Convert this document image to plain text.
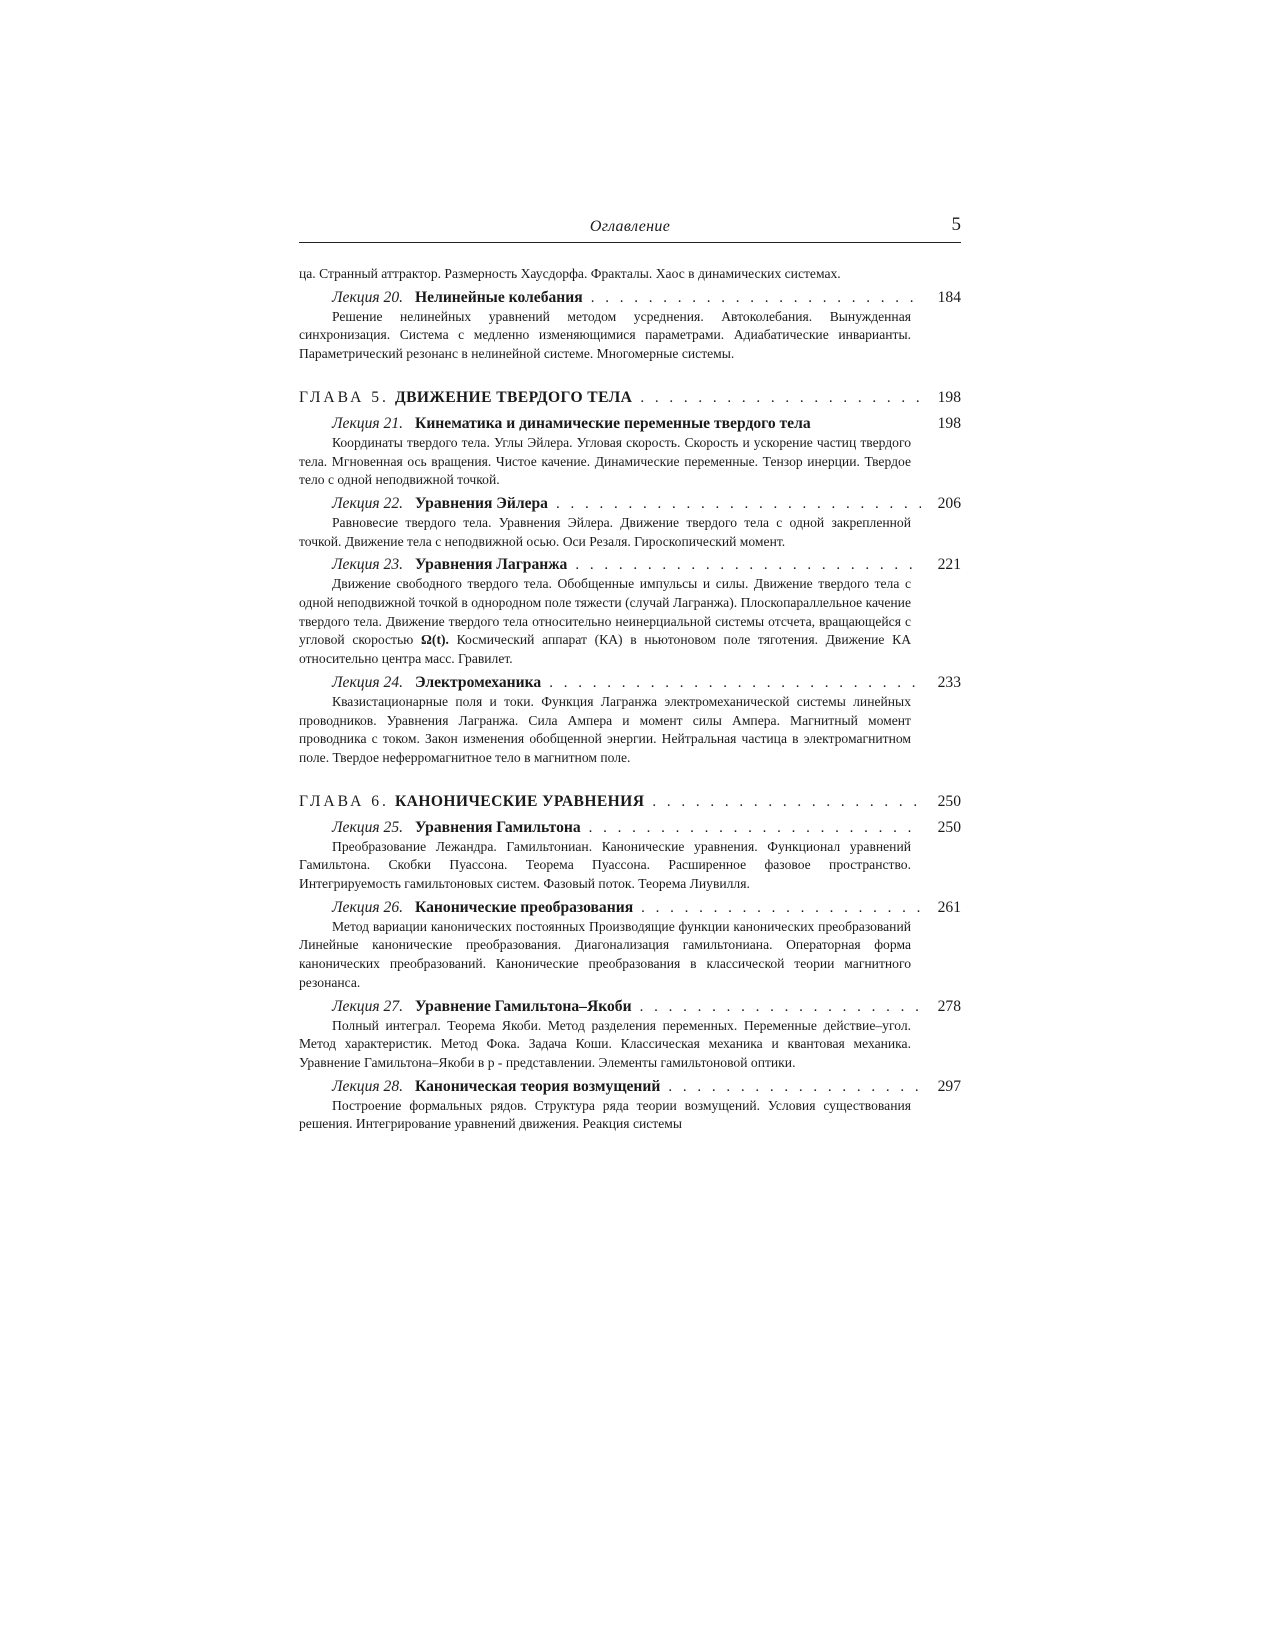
Оглавление	5

ца. Странный аттрактор. Размерность Хаусдорфа. Фракталы. Хаос в динамических системах.

Лекция 20. Нелинейные колебания . . .	184

Решение нелинейных уравнений методом усреднения. Автоколебания. Вынужденная синхронизация. Система с медленно изменяющимися параметрами. Адиабатические инварианты. Параметрический резонанс в нелинейной системе. Многомерные системы.

ГЛАВА 5. ДВИЖЕНИЕ ТВЕРДОГО ТЕЛА . . .	198
Лекция 21. Кинематика и динамические переменные твердого тела	198

Координаты твердого тела. Углы Эйлера. Угловая скорость. Скорость и ускорение частиц твердого тела. Мгновенная ось вращения. Чистое качение. Динамические переменные. Тензор инерции. Твердое тело с одной неподвижной точкой.

Лекция 22. Уравнения Эйлера . . .	206

Равновесие твердого тела. Уравнения Эйлера. Движение твердого тела с одной закрепленной точкой. Движение тела с неподвижной осью. Оси Резаля. Гироскопический момент.

Лекция 23. Уравнения Лагранжа . . .	221

Движение свободного твердого тела. Обобщенные импульсы и силы. Движение твердого тела с одной неподвижной точкой в однородном поле тяжести (случай Лагранжа). Плоскопараллельное качение твердого тела. Движение твердого тела относительно неинерциальной системы отсчета, вращающейся с угловой скоростью Ω(t). Космический аппарат (КА) в ньютоновом поле тяготения. Движение КА относительно центра масс. Гравилет.

Лекция 24. Электромеханика . . .	233

Квазистационарные поля и токи. Функция Лагранжа электромеханической системы линейных проводников. Уравнения Лагранжа. Сила Ампера и момент силы Ампера. Магнитный момент проводника с током. Закон изменения обобщенной энергии. Нейтральная частица в электромагнитном поле. Твердое неферромагнитное тело в магнитном поле.

ГЛАВА 6. КАНОНИЧЕСКИЕ УРАВНЕНИЯ . . .	250
Лекция 25. Уравнения Гамильтона . . .	250

Преобразование Лежандра. Гамильтониан. Канонические уравнения. Функционал уравнений Гамильтона. Скобки Пуассона. Теорема Пуассона. Расширенное фазовое пространство. Интегрируемость гамильтоновых систем. Фазовый поток. Теорема Лиувилля.

Лекция 26. Канонические преобразования . . .	261

Метод вариации канонических постоянных Производящие функции канонических преобразований Линейные канонические преобразования. Диагонализация гамильтониана. Операторная форма канонических преобразований. Канонические преобразования в классической теории магнитного резонанса.

Лекция 27. Уравнение Гамильтона–Якоби . . .	278

Полный интеграл. Теорема Якоби. Метод разделения переменных. Переменные действие–угол. Метод характеристик. Метод Фока. Задача Коши. Классическая механика и квантовая механика. Уравнение Гамильтона–Якоби в p - представлении. Элементы гамильтоновой оптики.

Лекция 28. Каноническая теория возмущений . . .	297

Построение формальных рядов. Структура ряда теории возмущений. Условия существования решения. Интегрирование уравнений движения. Реакция системы
